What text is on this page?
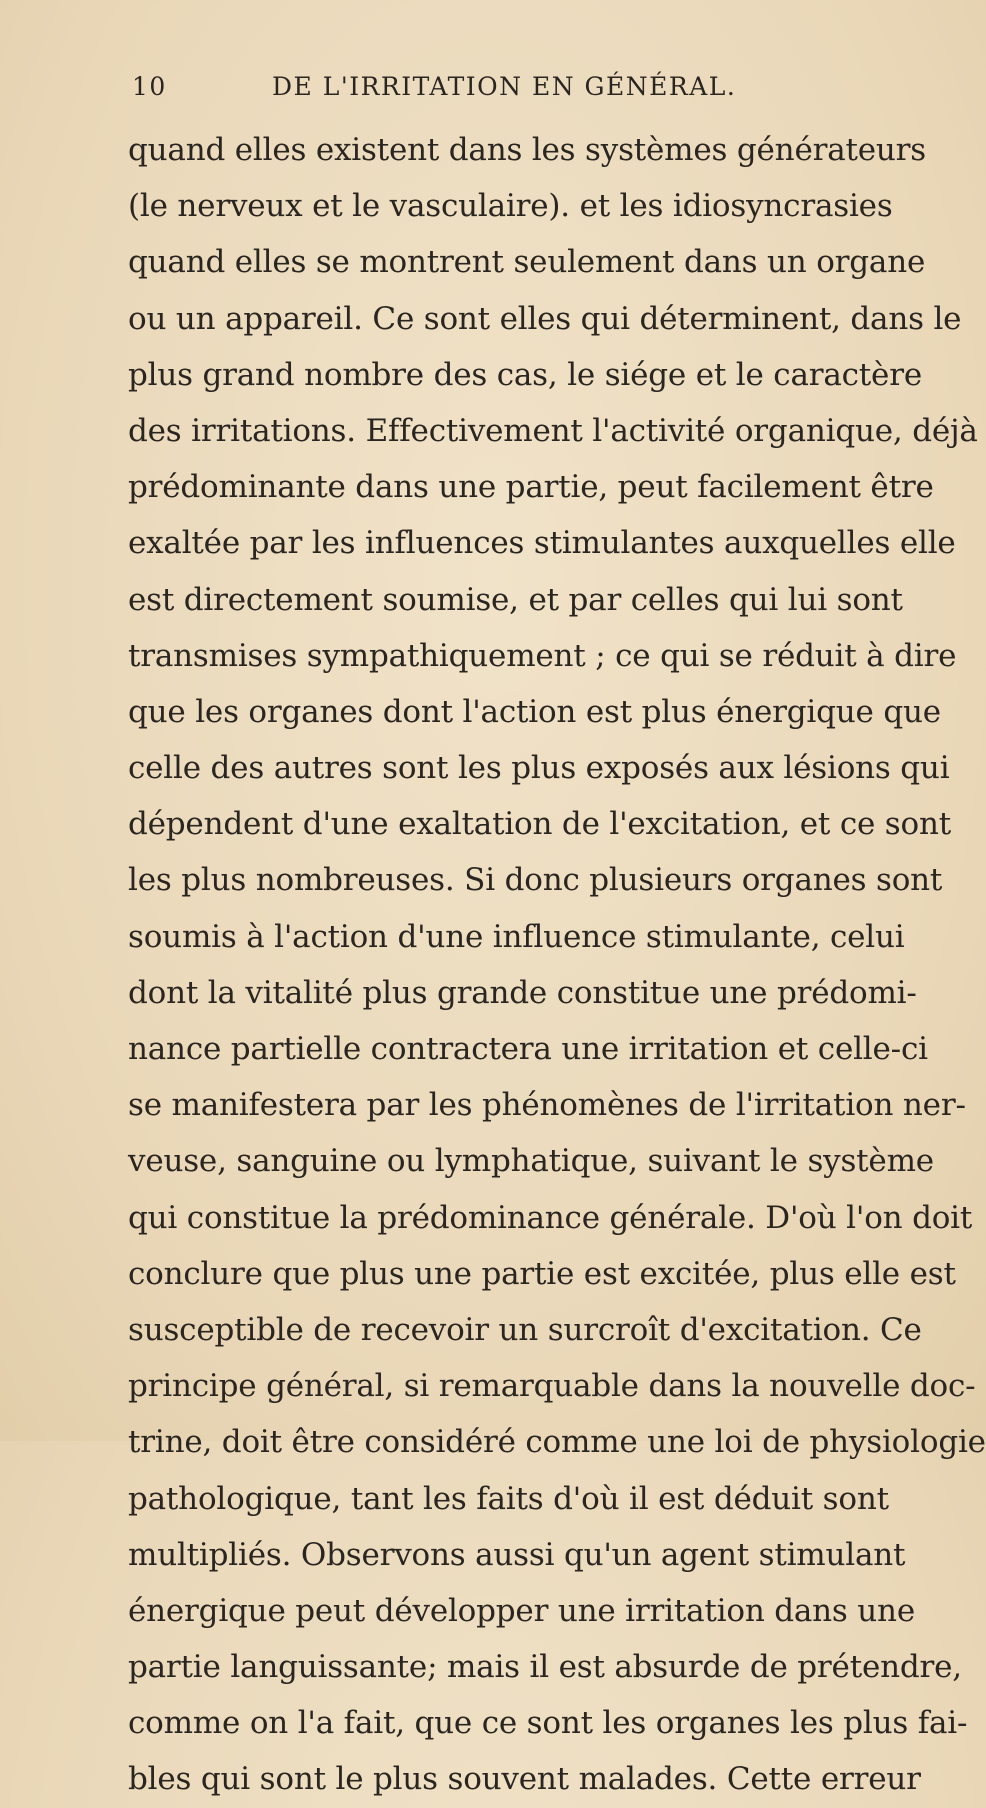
10	DE L'IRRITATION EN GÉNÉRAL.
quand elles existent dans les systèmes générateurs
(le nerveux et le vasculaire). et les idiosyncrasies
quand elles se montrent seulement dans un organe
ou un appareil. Ce sont elles qui déterminent, dans le
plus grand nombre des cas, le siége et le caractère
des irritations. Effectivement l'activité organique, déjà
prédominante dans une partie, peut facilement être
exaltée par les influences stimulantes auxquelles elle
est directement soumise, et par celles qui lui sont
transmises sympathiquement ; ce qui se réduit à dire
que les organes dont l'action est plus énergique que
celle des autres sont les plus exposés aux lésions qui
dépendent d'une exaltation de l'excitation, et ce sont
les plus nombreuses. Si donc plusieurs organes sont
soumis à l'action d'une influence stimulante, celui
dont la vitalité plus grande constitue une prédomi-
nance partielle contractera une irritation et celle-ci
se manifestera par les phénomènes de l'irritation ner-
veuse, sanguine ou lymphatique, suivant le système
qui constitue la prédominance générale. D'où l'on doit
conclure que plus une partie est excitée, plus elle est
susceptible de recevoir un surcroît d'excitation. Ce
principe général, si remarquable dans la nouvelle doc-
trine, doit être considéré comme une loi de physiologie
pathologique, tant les faits d'où il est déduit sont
multipliés. Observons aussi qu'un agent stimulant
énergique peut développer une irritation dans une
partie languissante; mais il est absurde de prétendre,
comme on l'a fait, que ce sont les organes les plus fai-
bles qui sont le plus souvent malades. Cette erreur
